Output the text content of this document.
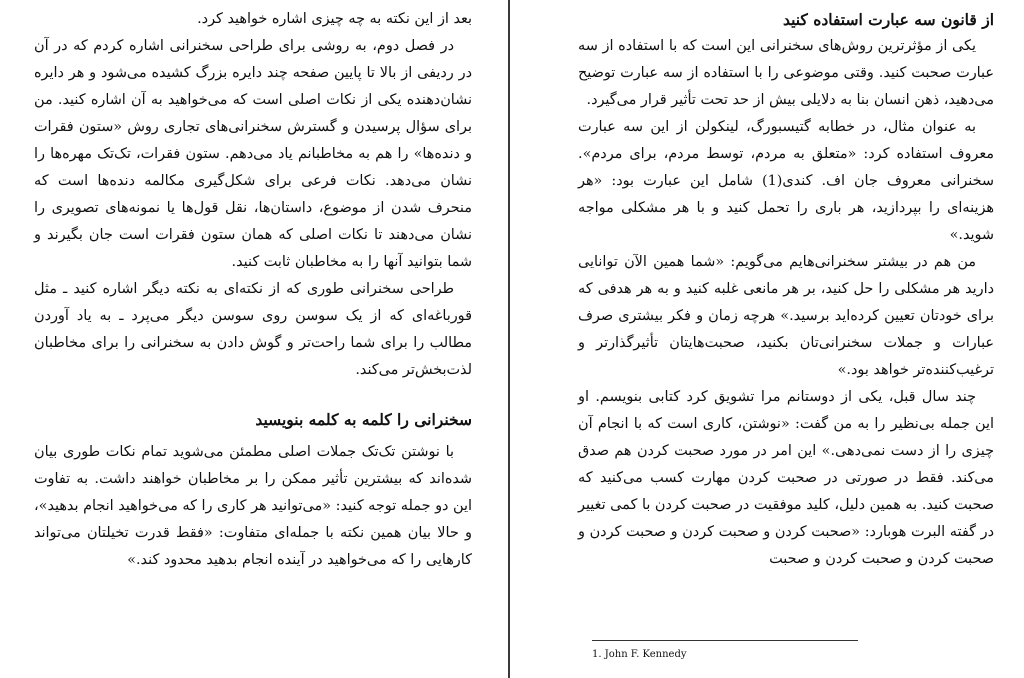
بعد از این نکته به چه چیزی اشاره خواهید کرد.

در فصل دوم، به روشی برای طراحی سخنرانی اشاره کردم که در آن در ردیفی از بالا تا پایین صفحه چند دایره بزرگ کشیده می‌شود و هر دایره نشان‌دهنده یکی از نکات اصلی است که می‌خواهید به آن اشاره کنید. من برای سؤال پرسیدن و گسترش سخنرانی‌های تجاری روش «ستون فقرات و دنده‌ها» را هم به مخاطبانم یاد می‌دهم. ستون فقرات، تک‌تک مهره‌ها را نشان می‌دهد. نکات فرعی برای شکل‌گیری مکالمه دنده‌ها است که منحرف شدن از موضوع، داستان‌ها، نقل قول‌ها یا نمونه‌های تصویری را نشان می‌دهند تا نکات اصلی که همان ستون فقرات است جان بگیرند و شما بتوانید آنها را به مخاطبان ثابت کنید.

طراحی سخنرانی طوری که از نکته‌ای به نکته دیگر اشاره کنید ـ مثل قورباغه‌ای که از یک سوسن روی سوسن دیگر می‌پرد ـ به یاد آوردن مطالب را برای شما راحت‌تر و گوش دادن به سخنرانی را برای مخاطبان لذت‌بخش‌تر می‌کند.

سخنرانی را کلمه به کلمه بنویسید

با نوشتن تک‌تک جملات اصلی مطمئن می‌شوید تمام نکات طوری بیان شده‌اند که بیشترین تأثیر ممکن را بر مخاطبان خواهند داشت. به تفاوت این دو جمله توجه کنید: «می‌توانید هر کاری را که می‌خواهید انجام بدهید»، و حالا بیان همین نکته با جمله‌ای متفاوت: «فقط قدرت تخیلتان می‌تواند کارهایی را که می‌خواهید در آینده انجام بدهید محدود کند.»

از قانون سه عبارت استفاده کنید

یکی از مؤثرترین روش‌های سخنرانی این است که با استفاده از سه عبارت صحبت کنید. وقتی موضوعی را با استفاده از سه عبارت توضیح می‌دهید، ذهن انسان بنا به دلایلی بیش از حد تحت تأثیر قرار می‌گیرد.

به عنوان مثال، در خطابه گتیسبورگ، لینکولن از این سه عبارت معروف استفاده کرد: «متعلق به مردم، توسط مردم، برای مردم». سخنرانی معروف جان اف. کندی(1) شامل این عبارت بود: «هر هزینه‌ای را بپردازید، هر باری را تحمل کنید و با هر مشکلی مواجه شوید.»

من هم در بیشتر سخنرانی‌هایم می‌گویم: «شما همین الآن توانایی دارید هر مشکلی را حل کنید، بر هر مانعی غلبه کنید و به هر هدفی که برای خودتان تعیین کرده‌اید برسید.» هرچه زمان و فکر بیشتری صرف عبارات و جملات سخنرانی‌تان بکنید، صحبت‌هایتان تأثیرگذارتر و ترغیب‌کننده‌تر خواهد بود.»

چند سال قبل، یکی از دوستانم مرا تشویق کرد کتابی بنویسم. او این جمله بی‌نظیر را به من گفت: «نوشتن، کاری است که با انجام آن چیزی را از دست نمی‌دهی.» این امر در مورد صحبت کردن هم صدق می‌کند. فقط در صورتی در صحبت کردن مهارت کسب می‌کنید که صحبت کنید. به همین دلیل، کلید موفقیت در صحبت کردن با کمی تغییر در گفته البرت هوبارد: «صحبت کردن و صحبت کردن و صحبت کردن و صحبت کردن و صحبت کردن و صحبت

1. John F. Kennedy
